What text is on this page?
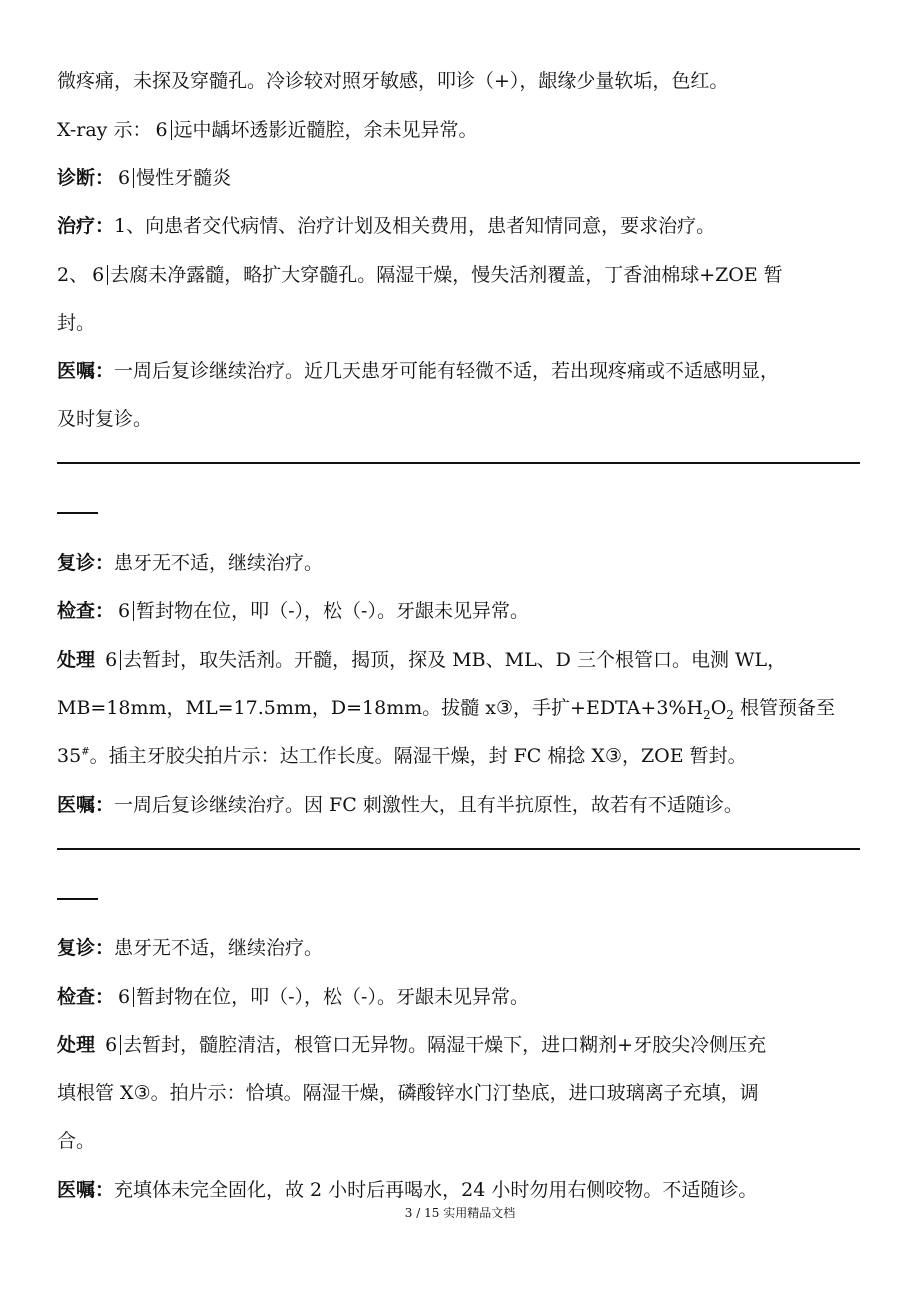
微疼痛，未探及穿髓孔。冷诊较对照牙敏感，叩诊（+），龈缘少量软垢，色红。
X-ray 示： 6 远中龋坏透影近髓腔，余未见异常。
诊断： 6 慢性牙髓炎
治疗：1、向患者交代病情、治疗计划及相关费用，患者知情同意，要求治疗。
2、 6 去腐未净露髓，略扩大穿髓孔。隔湿干燥，慢失活剂覆盖，丁香油棉球+ZOE 暂
封。
医嘱：一周后复诊继续治疗。近几天患牙可能有轻微不适，若出现疼痛或不适感明显，
及时复诊。
复诊：患牙无不适，继续治疗。
检查： 6 暂封物在位，叩（-），松（-）。牙龈未见异常。
处理 6 去暂封，取失活剂。开髓，揭顶，探及 MB、ML、D 三个根管口。电测 WL，
MB=18mm，ML=17.5mm，D=18mm。拔髓 x③，手扩$+EDTA+3\%H_2O_2$ 根管预备至
35#。插主牙胶尖拍片示：达工作长度。隔湿干燥，封 FC 棉捻 X③，ZOE 暂封。
医嘱：一周后复诊继续治疗。因 FC 刺激性大，且有半抗原性，故若有不适随诊。
复诊：患牙无不适，继续治疗。
检查： 6 暂封物在位，叩（-），松（-）。牙龈未见异常。
处理 6 去暂封，髓腔清洁，根管口无异物。隔湿干燥下，进口糊剂+牙胶尖冷侧压充
填根管 X③。拍片示：恰填。隔湿干燥，磷酸锌水门汀垫底，进口玻璃离子充填，调
合。
医嘱：充填体未完全固化，故 2 小时后再喝水，24 小时勿用右侧咬物。不适随诊。
3 / 15 实用精品文档
